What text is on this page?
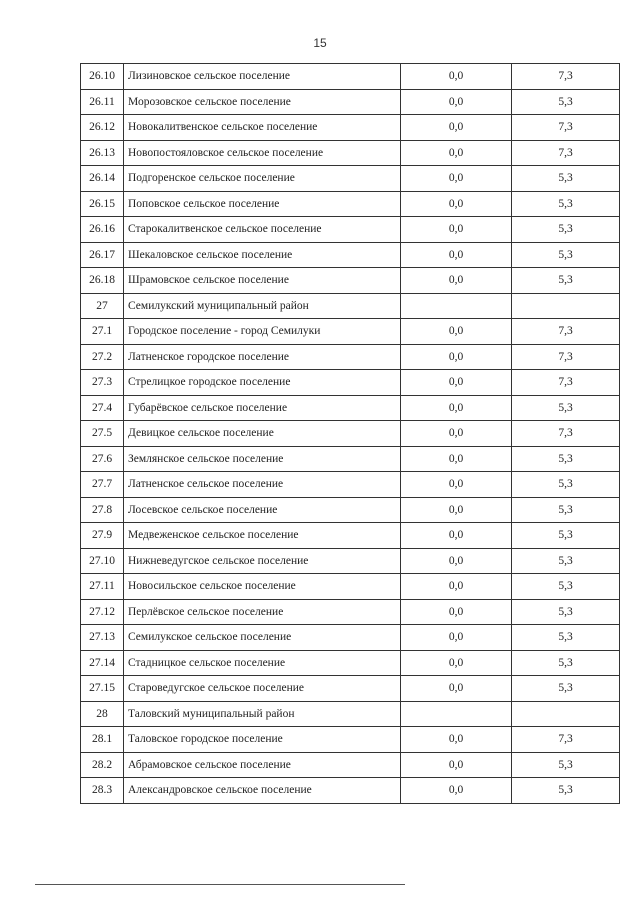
15
26.10	Лизиновское сельское поселение	0,0	7,3
26.11	Морозовское сельское поселение	0,0	5,3
26.12	Новокалитвенское сельское поселение	0,0	7,3
26.13	Новопостояловское сельское поселение	0,0	7,3
26.14	Подгоренское сельское поселение	0,0	5,3
26.15	Поповское сельское поселение	0,0	5,3
26.16	Старокалитвенское сельское поселение	0,0	5,3
26.17	Шекаловское сельское поселение	0,0	5,3
26.18	Шрамовское сельское поселение	0,0	5,3
27	Семилукский муниципальный район		
27.1	Городское поселение - город Семилуки	0,0	7,3
27.2	Латненское городское поселение	0,0	7,3
27.3	Стрелицкое городское поселение	0,0	7,3
27.4	Губарёвское сельское поселение	0,0	5,3
27.5	Девицкое сельское поселение	0,0	7,3
27.6	Землянское сельское поселение	0,0	5,3
27.7	Латненское сельское поселение	0,0	5,3
27.8	Лосевское сельское поселение	0,0	5,3
27.9	Медвеженское сельское поселение	0,0	5,3
27.10	Нижневедугское сельское поселение	0,0	5,3
27.11	Новосильское сельское поселение	0,0	5,3
27.12	Перлёвское сельское поселение	0,0	5,3
27.13	Семилукское сельское поселение	0,0	5,3
27.14	Стадницкое сельское поселение	0,0	5,3
27.15	Староведугское сельское поселение	0,0	5,3
28	Таловский муниципальный район		
28.1	Таловское городское поселение	0,0	7,3
28.2	Абрамовское сельское поселение	0,0	5,3
28.3	Александровское сельское поселение	0,0	5,3
